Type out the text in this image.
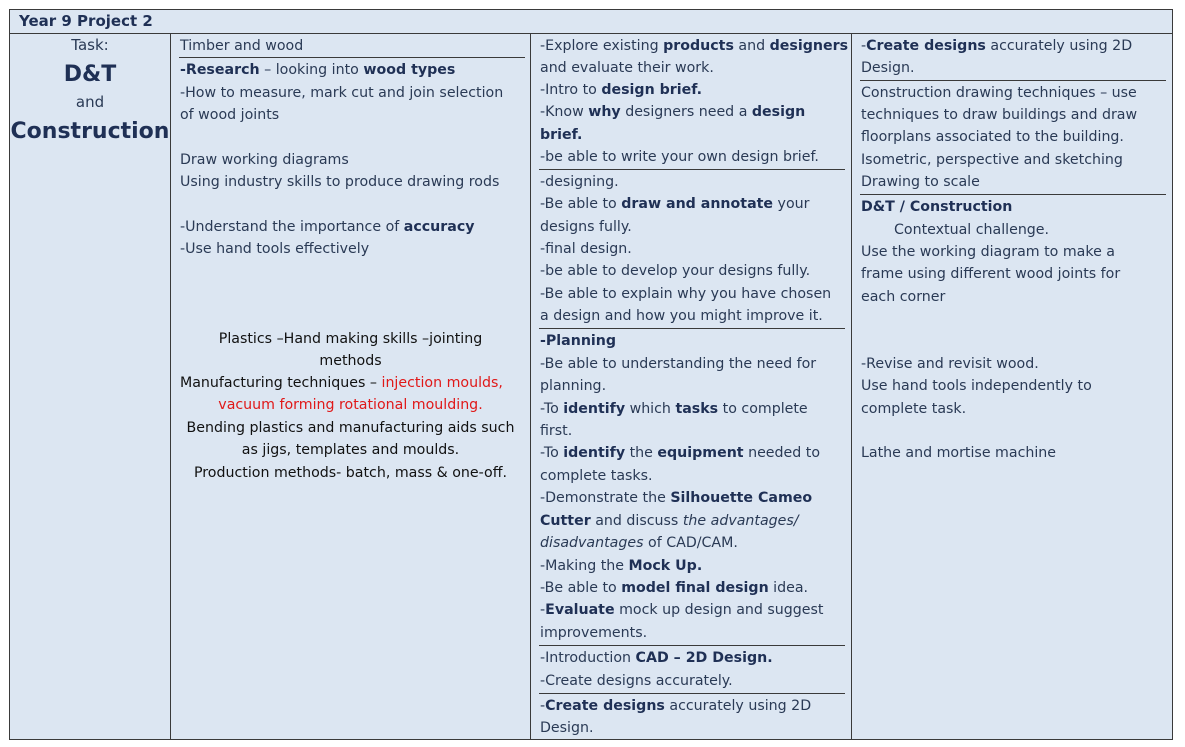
Year 9 Project 2
Task:
D&T
and
Construction
Timber and wood
-Research – looking into wood types
-How to measure, mark cut and join selection
of wood joints
Draw working diagrams
Using industry skills to produce drawing rods
-Understand the importance of accuracy
-Use hand tools effectively
Plastics –Hand making skills –jointing
methods
Manufacturing techniques – injection moulds,
vacuum forming rotational moulding.
Bending plastics and manufacturing aids such
as jigs, templates and moulds.
Production methods- batch, mass & one-off.
-Explore existing products and designers
and evaluate their work.
-Intro to design brief.
-Know why designers need a design
brief.
-be able to write your own design brief.
-designing.
-Be able to draw and annotate your
designs fully.
-final design.
-be able to develop your designs fully.
-Be able to explain why you have chosen
a design and how you might improve it.
-Planning
-Be able to understanding the need for
planning.
-To identify which tasks to complete
first.
-To identify the equipment needed to
complete tasks.
-Demonstrate the Silhouette Cameo
Cutter and discuss the advantages/
disadvantages of CAD/CAM.
-Making the Mock Up.
-Be able to model final design idea.
-Evaluate mock up design and suggest
improvements.
-Introduction CAD – 2D Design.
-Create designs accurately.
-Create designs accurately using 2D
Design.
-Create designs accurately using 2D
Design.
Construction drawing techniques – use
techniques to draw buildings and draw
floorplans associated to the building.
Isometric, perspective and sketching
Drawing to scale
D&T / Construction
Contextual challenge.
Use the working diagram to make a
frame using different wood joints for
each corner
-Revise and revisit wood.
Use hand tools independently to
complete task.
Lathe and mortise machine
